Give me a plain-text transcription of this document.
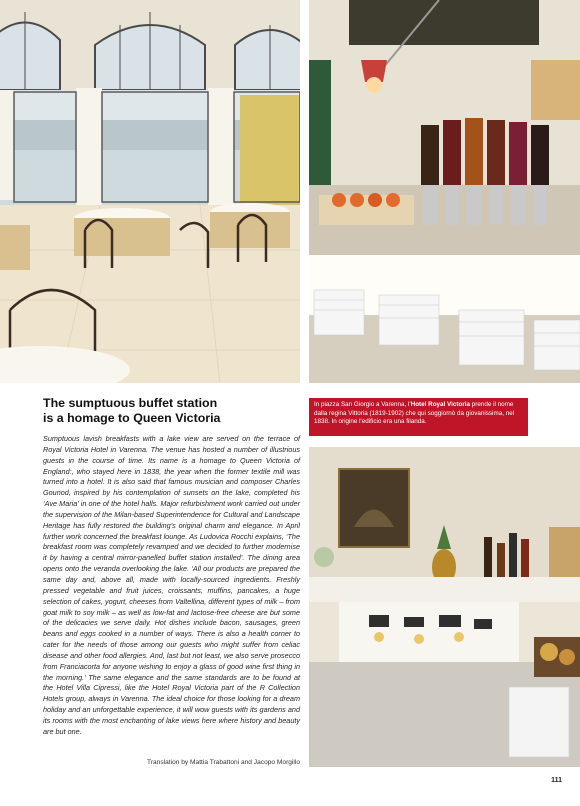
The sumptuous buffet station
is a homage to Queen Victoria

Sumptuous lavish breakfasts with a lake view are served on the terrace of Royal Victoria Hotel in Varenna. The venue has hosted a number of illustrious guests in the course of time. Its name is a homage to Queen Victoria of England:, who stayed here in 1838, the year when the former textile mill was turned into a hotel. It is also said that famous musician and composer Charles Gounod, inspired by his contemplation of sunsets on the lake, completed his ‘Ave Maria’ in one of the hotel halls. Major refurbishment work carried out under the supervision of the Milan-based Superintendence for Cultural and Landscape Heritage has fully restored the building’s original charm and elegance. In April further work concerned the breakfast lounge. As Ludovica Rocchi explains, ‘The breakfast room was completely revamped and we decided to further modernise it by having a central mirror-panelled buffet station installed’. The dining area opens onto the veranda overlooking the lake. ‘All our products are prepared the same day and, above all, made with locally-sourced ingredients. Freshly pressed vegetable and fruit juices, croissants, muffins, pancakes, a huge selection of cakes, yogurt, cheeses from Valtellina, different types of milk – from goat milk to soy milk – as well as low-fat and lactose-free cheese are but some of the delicacies we serve daily. Hot dishes include bacon, sausages, green beans and eggs cooked in a number of ways. There is also a health corner to cater for the needs of those among our guests who might suffer from celiac disease and other food allergies. And, last but not least, we also serve prosecco from Franciacorta for anyone wishing to enjoy a glass of good wine first thing in the morning.’ The same elegance and the same standards are to be found at the Hotel Villa Cipressi, like the Hotel Royal Victoria part of the R Collection Hotels group, always in Varenna. The ideal choice for those looking for a dream holiday and an unforgettable experience, it will wow guests with its gardens and its rooms with the most enchanting of lake views here where history and beauty are but one.

Translation by Mattia Trabattoni and Jacopo Morgillo
In piazza San Giorgio a Varenna, l'Hotel Royal Victoria prende il nome dalla regina Vittoria (1819-1902) che qui soggiornò da giovanissima, nel 1838. In origine l'edificio era una filanda.
111
